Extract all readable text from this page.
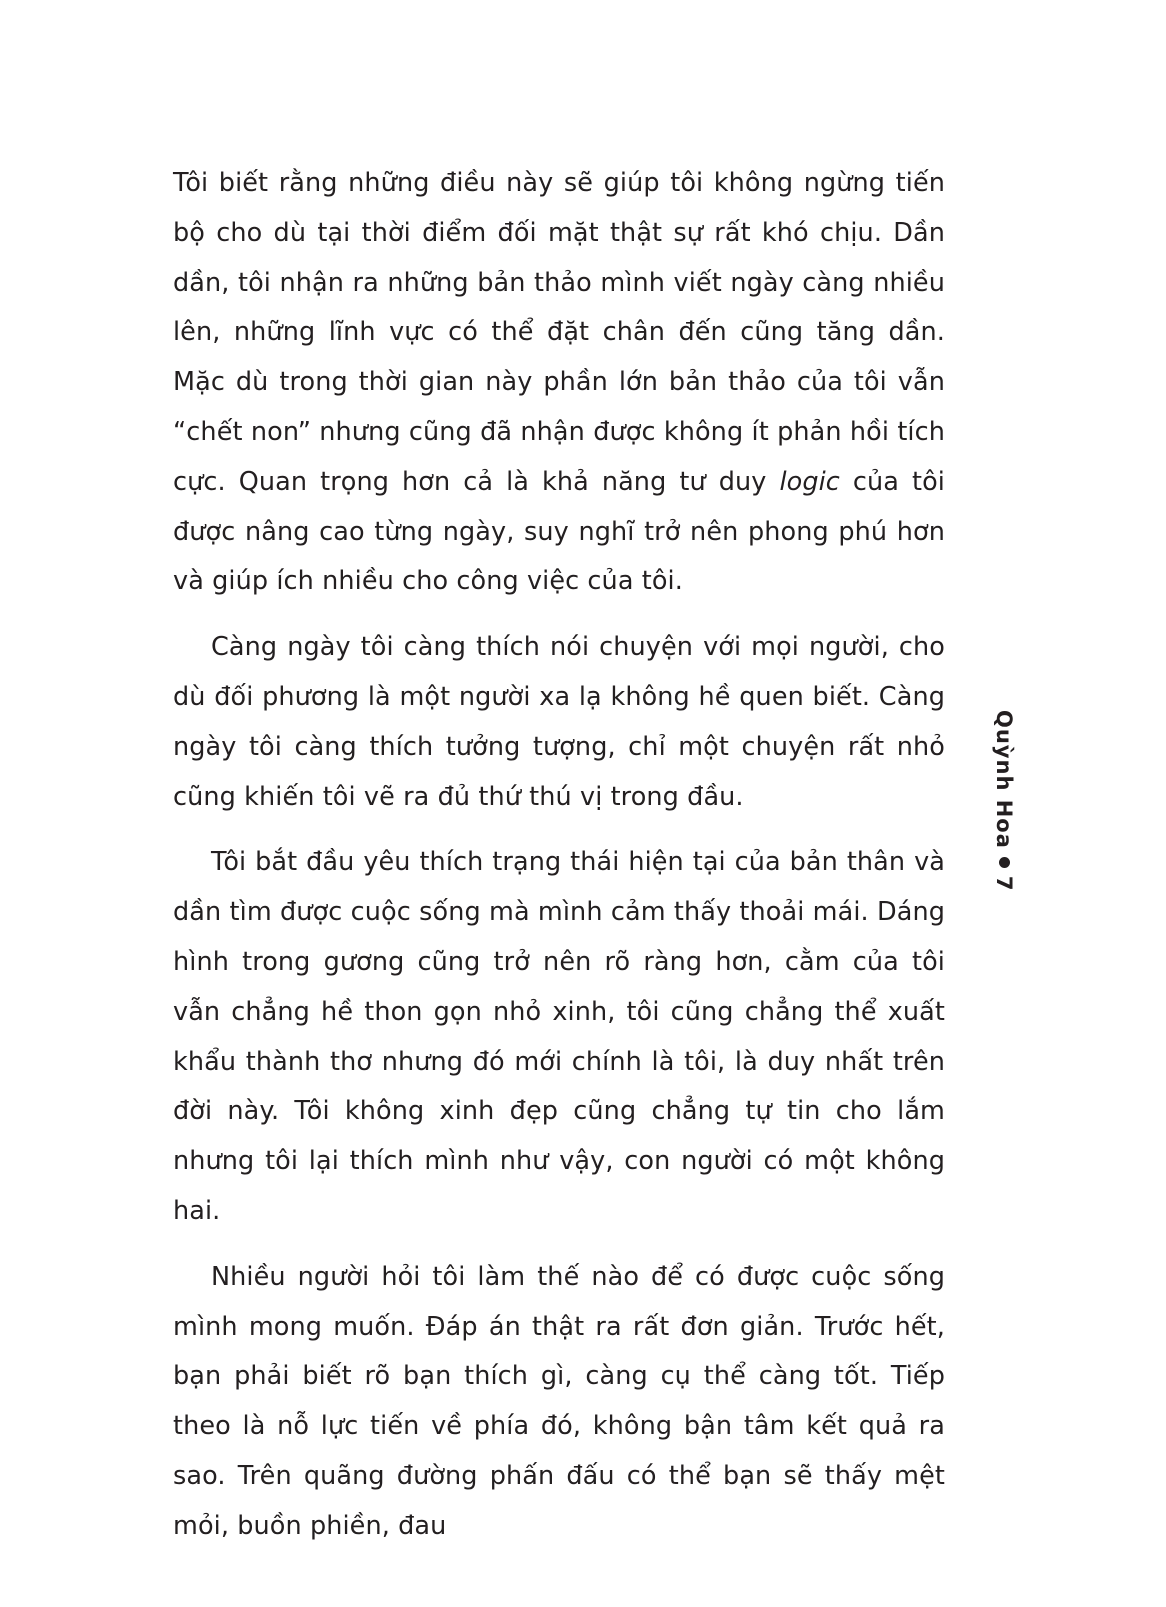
Tôi biết rằng những điều này sẽ giúp tôi không ngừng tiến bộ cho dù tại thời điểm đối mặt thật sự rất khó chịu. Dần dần, tôi nhận ra những bản thảo mình viết ngày càng nhiều lên, những lĩnh vực có thể đặt chân đến cũng tăng dần. Mặc dù trong thời gian này phần lớn bản thảo của tôi vẫn “chết non” nhưng cũng đã nhận được không ít phản hồi tích cực. Quan trọng hơn cả là khả năng tư duy logic của tôi được nâng cao từng ngày, suy nghĩ trở nên phong phú hơn và giúp ích nhiều cho công việc của tôi.

Càng ngày tôi càng thích nói chuyện với mọi người, cho dù đối phương là một người xa lạ không hề quen biết. Càng ngày tôi càng thích tưởng tượng, chỉ một chuyện rất nhỏ cũng khiến tôi vẽ ra đủ thứ thú vị trong đầu.

Tôi bắt đầu yêu thích trạng thái hiện tại của bản thân và dần tìm được cuộc sống mà mình cảm thấy thoải mái. Dáng hình trong gương cũng trở nên rõ ràng hơn, cằm của tôi vẫn chẳng hề thon gọn nhỏ xinh, tôi cũng chẳng thể xuất khẩu thành thơ nhưng đó mới chính là tôi, là duy nhất trên đời này. Tôi không xinh đẹp cũng chẳng tự tin cho lắm nhưng tôi lại thích mình như vậy, con người có một không hai.

Nhiều người hỏi tôi làm thế nào để có được cuộc sống mình mong muốn. Đáp án thật ra rất đơn giản. Trước hết, bạn phải biết rõ bạn thích gì, càng cụ thể càng tốt. Tiếp theo là nỗ lực tiến về phía đó, không bận tâm kết quả ra sao. Trên quãng đường phấn đấu có thể bạn sẽ thấy mệt mỏi, buồn phiền, đau

Quỳnh Hoa7
